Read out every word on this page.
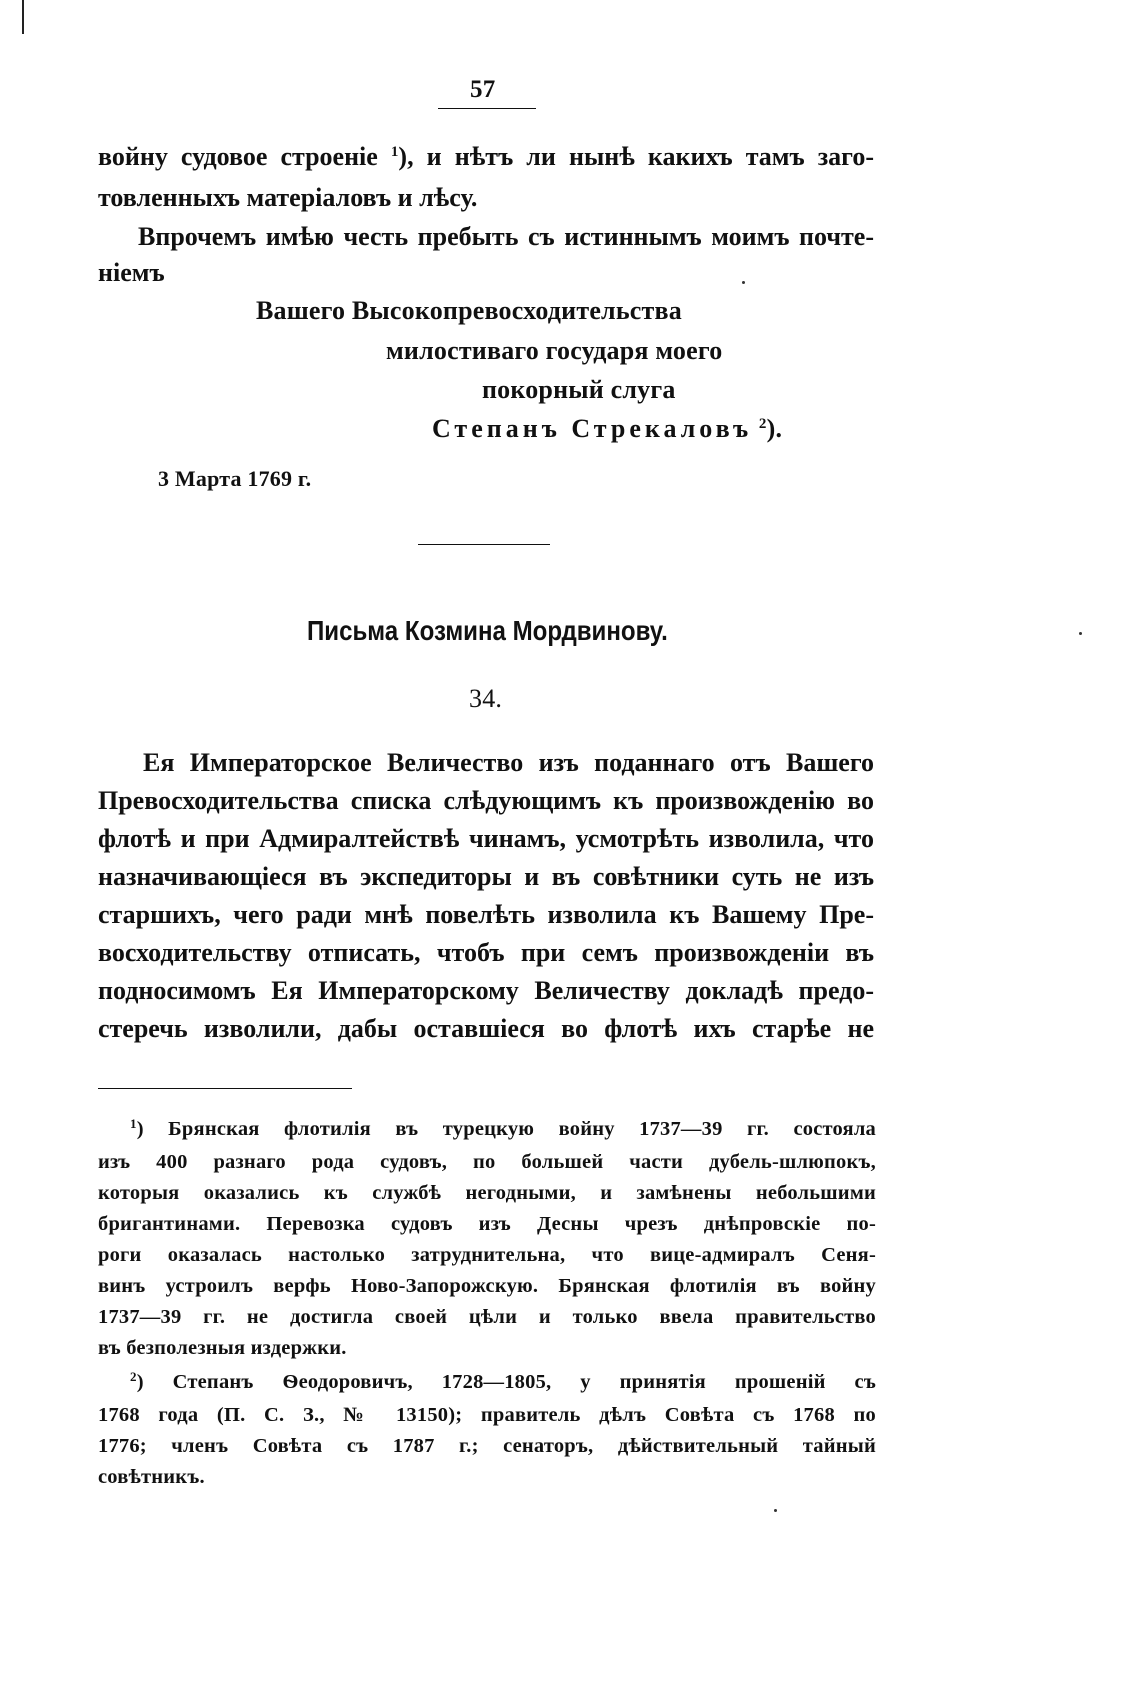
57
войну судовое строеніе $^1$), и нѣтъ ли нынѣ какихъ тамъ заго-
товленныхъ матеріаловъ и лѣсу.
Впрочемъ имѣю честь пребыть съ истиннымъ моимъ почте-
ніемъ
Вашего Высокопревосходительства
милостиваго государя моего
покорный слуга
Степанъ Стрекаловъ $^2$).
3 Марта 1769 г.
Письма Козмина Мордвинову.
34.
Ея Императорское Величество изъ поданнаго отъ Вашего
Превосходительства списка слѣдующимъ къ произвожденію во
флотѣ и при Адмиралтействѣ чинамъ, усмотрѣть изволила, что
назначивающіеся въ экспедиторы и въ совѣтники суть не изъ
старшихъ, чего ради мнѣ повелѣть изволила къ Вашему Пре-
восходительству отписать, чтобъ при семъ произвожденіи въ
подносимомъ Ея Императорскому Величеству докладѣ предо-
стеречь изволили, дабы оставшіеся во флотѣ ихъ старѣе не
$^1$) Брянская флотилія въ турецкую войну 1737—39 гг. состояла
изъ 400 разнаго рода судовъ, по большей части дубель-шлюпокъ,
которыя оказались къ службѣ негодными, и замѣнены небольшими
бригантинами. Перевозка судовъ изъ Десны чрезъ днѣпровскіе по-
роги оказалась настолько затруднительна, что вице-адмиралъ Сеня-
винъ устроилъ верфь Ново-Запорожскую. Брянская флотилія въ войну
1737—39 гг. не достигла своей цѣли и только ввела правительство
въ безполезныя издержки.
$^2$) Степанъ Ѳеодоровичъ, 1728—1805, у принятія прошеній съ
1768 года (П. С. З., № 13150); правитель дѣлъ Совѣта съ 1768 по
1776; членъ Совѣта съ 1787 г.; сенаторъ, дѣйствительный тайный
совѣтникъ.
